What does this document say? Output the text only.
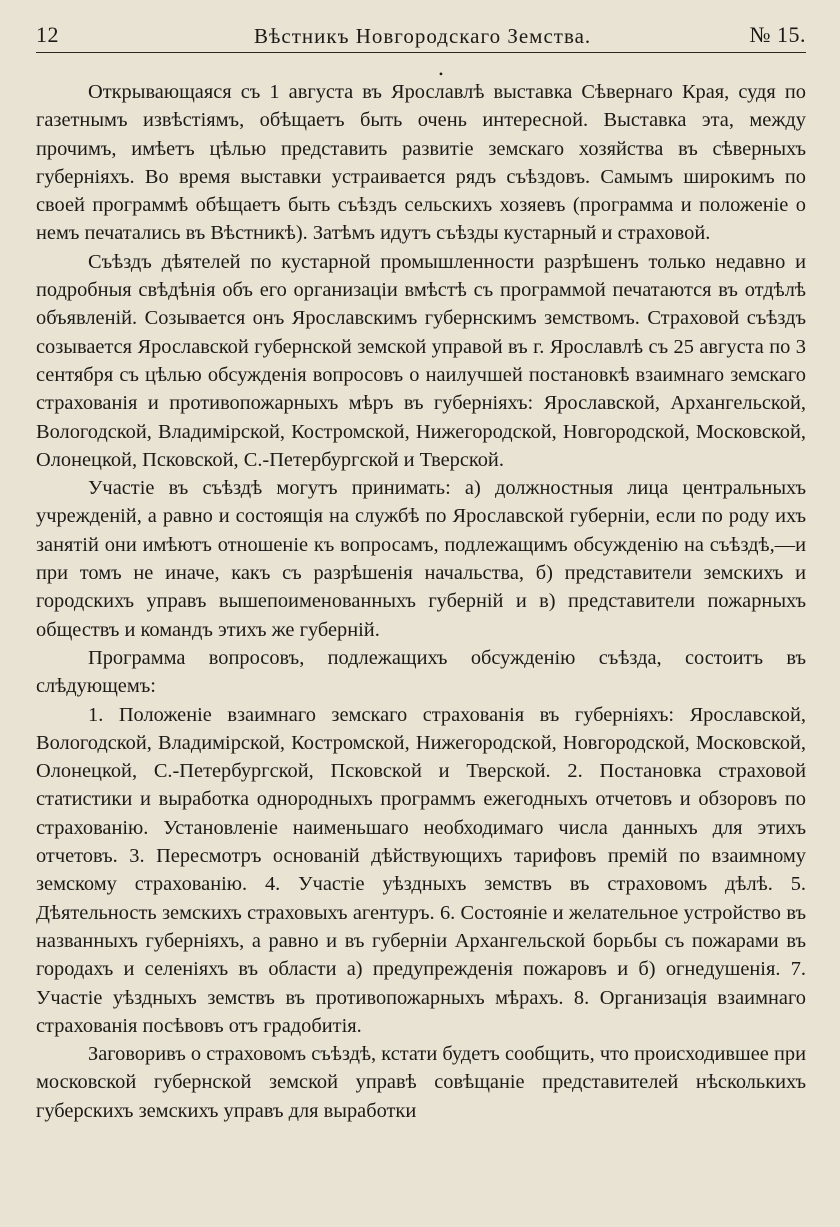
12	Вѣстникъ Новгородскаго Земства.	№ 15.
•

Открывающаяся съ 1 августа въ Ярославлѣ выставка Сѣвернаго Края, судя по газетнымъ извѣстіямъ, обѣщаетъ быть очень интересной. Выставка эта, между прочимъ, имѣетъ цѣлью представить развитіе земскаго хозяйства въ сѣверныхъ губерніяхъ. Во время выставки устраивается рядъ съѣздовъ. Самымъ широкимъ по своей программѣ обѣщаетъ быть съѣздъ сельскихъ хозяевъ (программа и положеніе о немъ печатались въ Вѣстникѣ). Затѣмъ идутъ съѣзды кустарный и страховой.

Съѣздъ дѣятелей по кустарной промышленности разрѣшенъ только недавно и подробныя свѣдѣнія объ его организаціи вмѣстѣ съ программой печатаются въ отдѣлѣ объявленій. Созывается онъ Ярославскимъ губернскимъ земствомъ. Страховой съѣздъ созывается Ярославской губернской земской управой въ г. Ярославлѣ съ 25 августа по 3 сентября съ цѣлью обсужденія вопросовъ о наилучшей постановкѣ взаимнаго земскаго страхованія и противопожарныхъ мѣръ въ губерніяхъ: Ярославской, Архангельской, Вологодской, Владимірской, Костромской, Нижегородской, Новгородской, Московской, Олонецкой, Псковской, С.-Петербургской и Тверской.

Участіе въ съѣздѣ могутъ принимать: а) должностныя лица центральныхъ учрежденій, а равно и состоящія на службѣ по Ярославской губерніи, если по роду ихъ занятій они имѣютъ отношеніе къ вопросамъ, подлежащимъ обсужденію на съѣздѣ,—и при томъ не иначе, какъ съ разрѣшенія начальства, б) представители земскихъ и городскихъ управъ вышепоименованныхъ губерній и в) представители пожарныхъ обществъ и командъ этихъ же губерній.

Программа вопросовъ, подлежащихъ обсужденію съѣзда, состоитъ въ слѣдующемъ:

1. Положеніе взаимнаго земскаго страхованія въ губерніяхъ: Ярославской, Вологодской, Владимірской, Костромской, Нижегородской, Новгородской, Московской, Олонецкой, С.-Петербургской, Псковской и Тверской. 2. Постановка страховой статистики и выработка однородныхъ программъ ежегодныхъ отчетовъ и обзоровъ по страхованію. Установленіе наименьшаго необходимаго числа данныхъ для этихъ отчетовъ. 3. Пересмотръ основаній дѣйствующихъ тарифовъ премій по взаимному земскому страхованію. 4. Участіе уѣздныхъ земствъ въ страховомъ дѣлѣ. 5. Дѣятельность земскихъ страховыхъ агентуръ. 6. Состояніе и желательное устройство въ названныхъ губерніяхъ, а равно и въ губерніи Архангельской борьбы съ пожарами въ городахъ и селеніяхъ въ области а) предупрежденія пожаровъ и б) огнедушенія. 7. Участіе уѣздныхъ земствъ въ противопожарныхъ мѣрахъ. 8. Организація взаимнаго страхованія посѣвовъ отъ градобитія.

Заговоривъ о страховомъ съѣздѣ, кстати будетъ сообщить, что происходившее при московской губернской земской управѣ совѣщаніе представителей нѣсколькихъ губерскихъ земскихъ управъ для выработки
